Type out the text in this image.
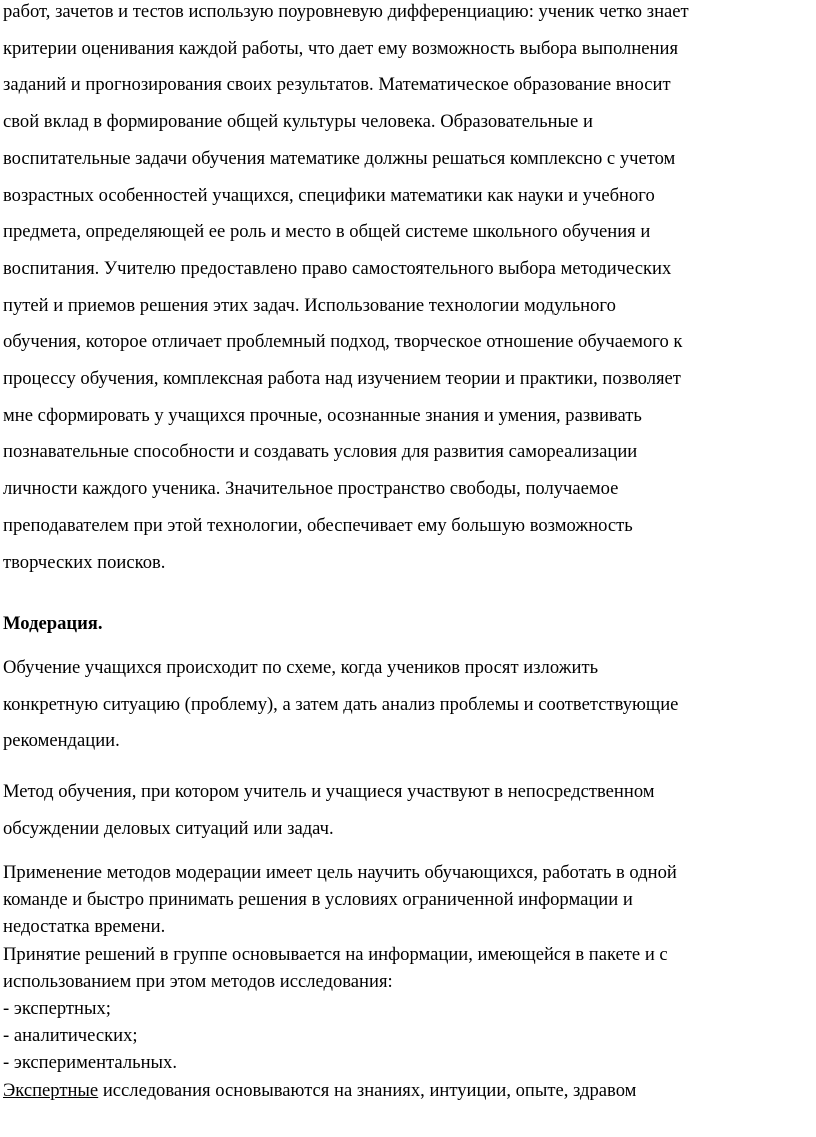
работ, зачетов и тестов использую поуровневую дифференциацию: ученик четко знает
критерии оценивания каждой работы, что дает ему возможность выбора выполнения
заданий и прогнозирования своих результатов. Математическое образование вносит
свой вклад в формирование общей культуры человека. Образовательные и
воспитательные задачи обучения математике должны решаться комплексно с учетом
возрастных особенностей учащихся, специфики математики как науки и учебного
предмета, определяющей ее роль и место в общей системе школьного обучения и
воспитания. Учителю предоставлено право самостоятельного выбора методических
путей и приемов решения этих задач. Использование технологии модульного
обучения, которое отличает проблемный подход, творческое отношение обучаемого к
процессу обучения, комплексная работа над изучением теории и практики, позволяет
мне сформировать у учащихся прочные, осознанные знания и умения, развивать
познавательные способности и создавать условия для развития самореализации
личности каждого ученика. Значительное пространство свободы, получаемое
преподавателем при этой технологии, обеспечивает ему большую возможность
творческих поисков.
Модерация.
Обучение учащихся происходит по схеме, когда учеников просят изложить
конкретную ситуацию (проблему), а затем дать анализ проблемы и соответствующие
рекомендации.
Метод обучения, при котором учитель и учащиеся участвуют в непосредственном
обсуждении деловых ситуаций или задач.
Применение методов модерации имеет цель научить обучающихся, работать в одной
команде и быстро принимать решения в условиях ограниченной информации и
недостатка времени.
Принятие решений в группе основывается на информации, имеющейся в пакете и с
использованием при этом методов исследования:
- экспертных;
- аналитических;
- экспериментальных.
Экспертные исследования основываются на знаниях, интуиции, опыте, здравом
